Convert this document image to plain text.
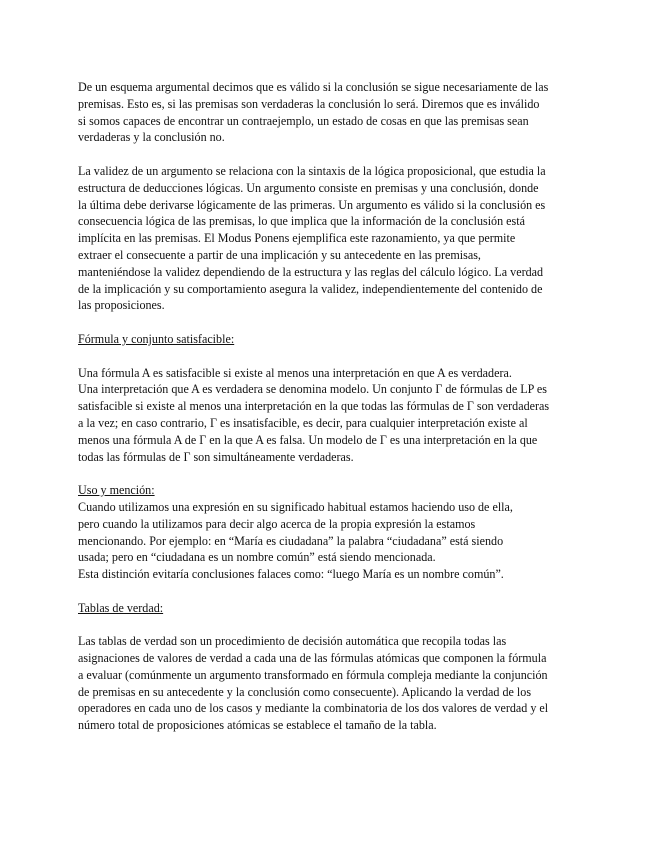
De un esquema argumental decimos que es válido si la conclusión se sigue necesariamente de las
premisas. Esto es, si las premisas son verdaderas la conclusión lo será. Diremos que es inválido
si somos capaces de encontrar un contraejemplo, un estado de cosas en que las premisas sean
verdaderas y la conclusión no.

La validez de un argumento se relaciona con la sintaxis de la lógica proposicional, que estudia la
estructura de deducciones lógicas. Un argumento consiste en premisas y una conclusión, donde
la última debe derivarse lógicamente de las primeras. Un argumento es válido si la conclusión es
consecuencia lógica de las premisas, lo que implica que la información de la conclusión está
implícita en las premisas. El Modus Ponens ejemplifica este razonamiento, ya que permite
extraer el consecuente a partir de una implicación y su antecedente en las premisas,
manteniéndose la validez dependiendo de la estructura y las reglas del cálculo lógico. La verdad
de la implicación y su comportamiento asegura la validez, independientemente del contenido de
las proposiciones.

Fórmula y conjunto satisfacible:

Una fórmula A es satisfacible si existe al menos una interpretación en que A es verdadera.
Una interpretación que A es verdadera se denomina modelo. Un conjunto Γ de fórmulas de LP es
satisfacible si existe al menos una interpretación en la que todas las fórmulas de Γ son verdaderas
a la vez; en caso contrario, Γ es insatisfacible, es decir, para cualquier interpretación existe al
menos una fórmula A de Γ en la que A es falsa. Un modelo de Γ es una interpretación en la que
todas las fórmulas de Γ son simultáneamente verdaderas.

Uso y mención:

Cuando utilizamos una expresión en su significado habitual estamos haciendo uso de ella,
pero cuando la utilizamos para decir algo acerca de la propia expresión la estamos
mencionando. Por ejemplo: en “María es ciudadana” la palabra “ciudadana” está siendo
usada; pero en “ciudadana es un nombre común” está siendo mencionada.
Esta distinción evitaría conclusiones falaces como: “luego María es un nombre común”.

Tablas de verdad:

Las tablas de verdad son un procedimiento de decisión automática que recopila todas las
asignaciones de valores de verdad a cada una de las fórmulas atómicas que componen la fórmula
a evaluar (comúnmente un argumento transformado en fórmula compleja mediante la conjunción
de premisas en su antecedente y la conclusión como consecuente). Aplicando la verdad de los
operadores en cada uno de los casos y mediante la combinatoria de los dos valores de verdad y el
número total de proposiciones atómicas se establece el tamaño de la tabla.
